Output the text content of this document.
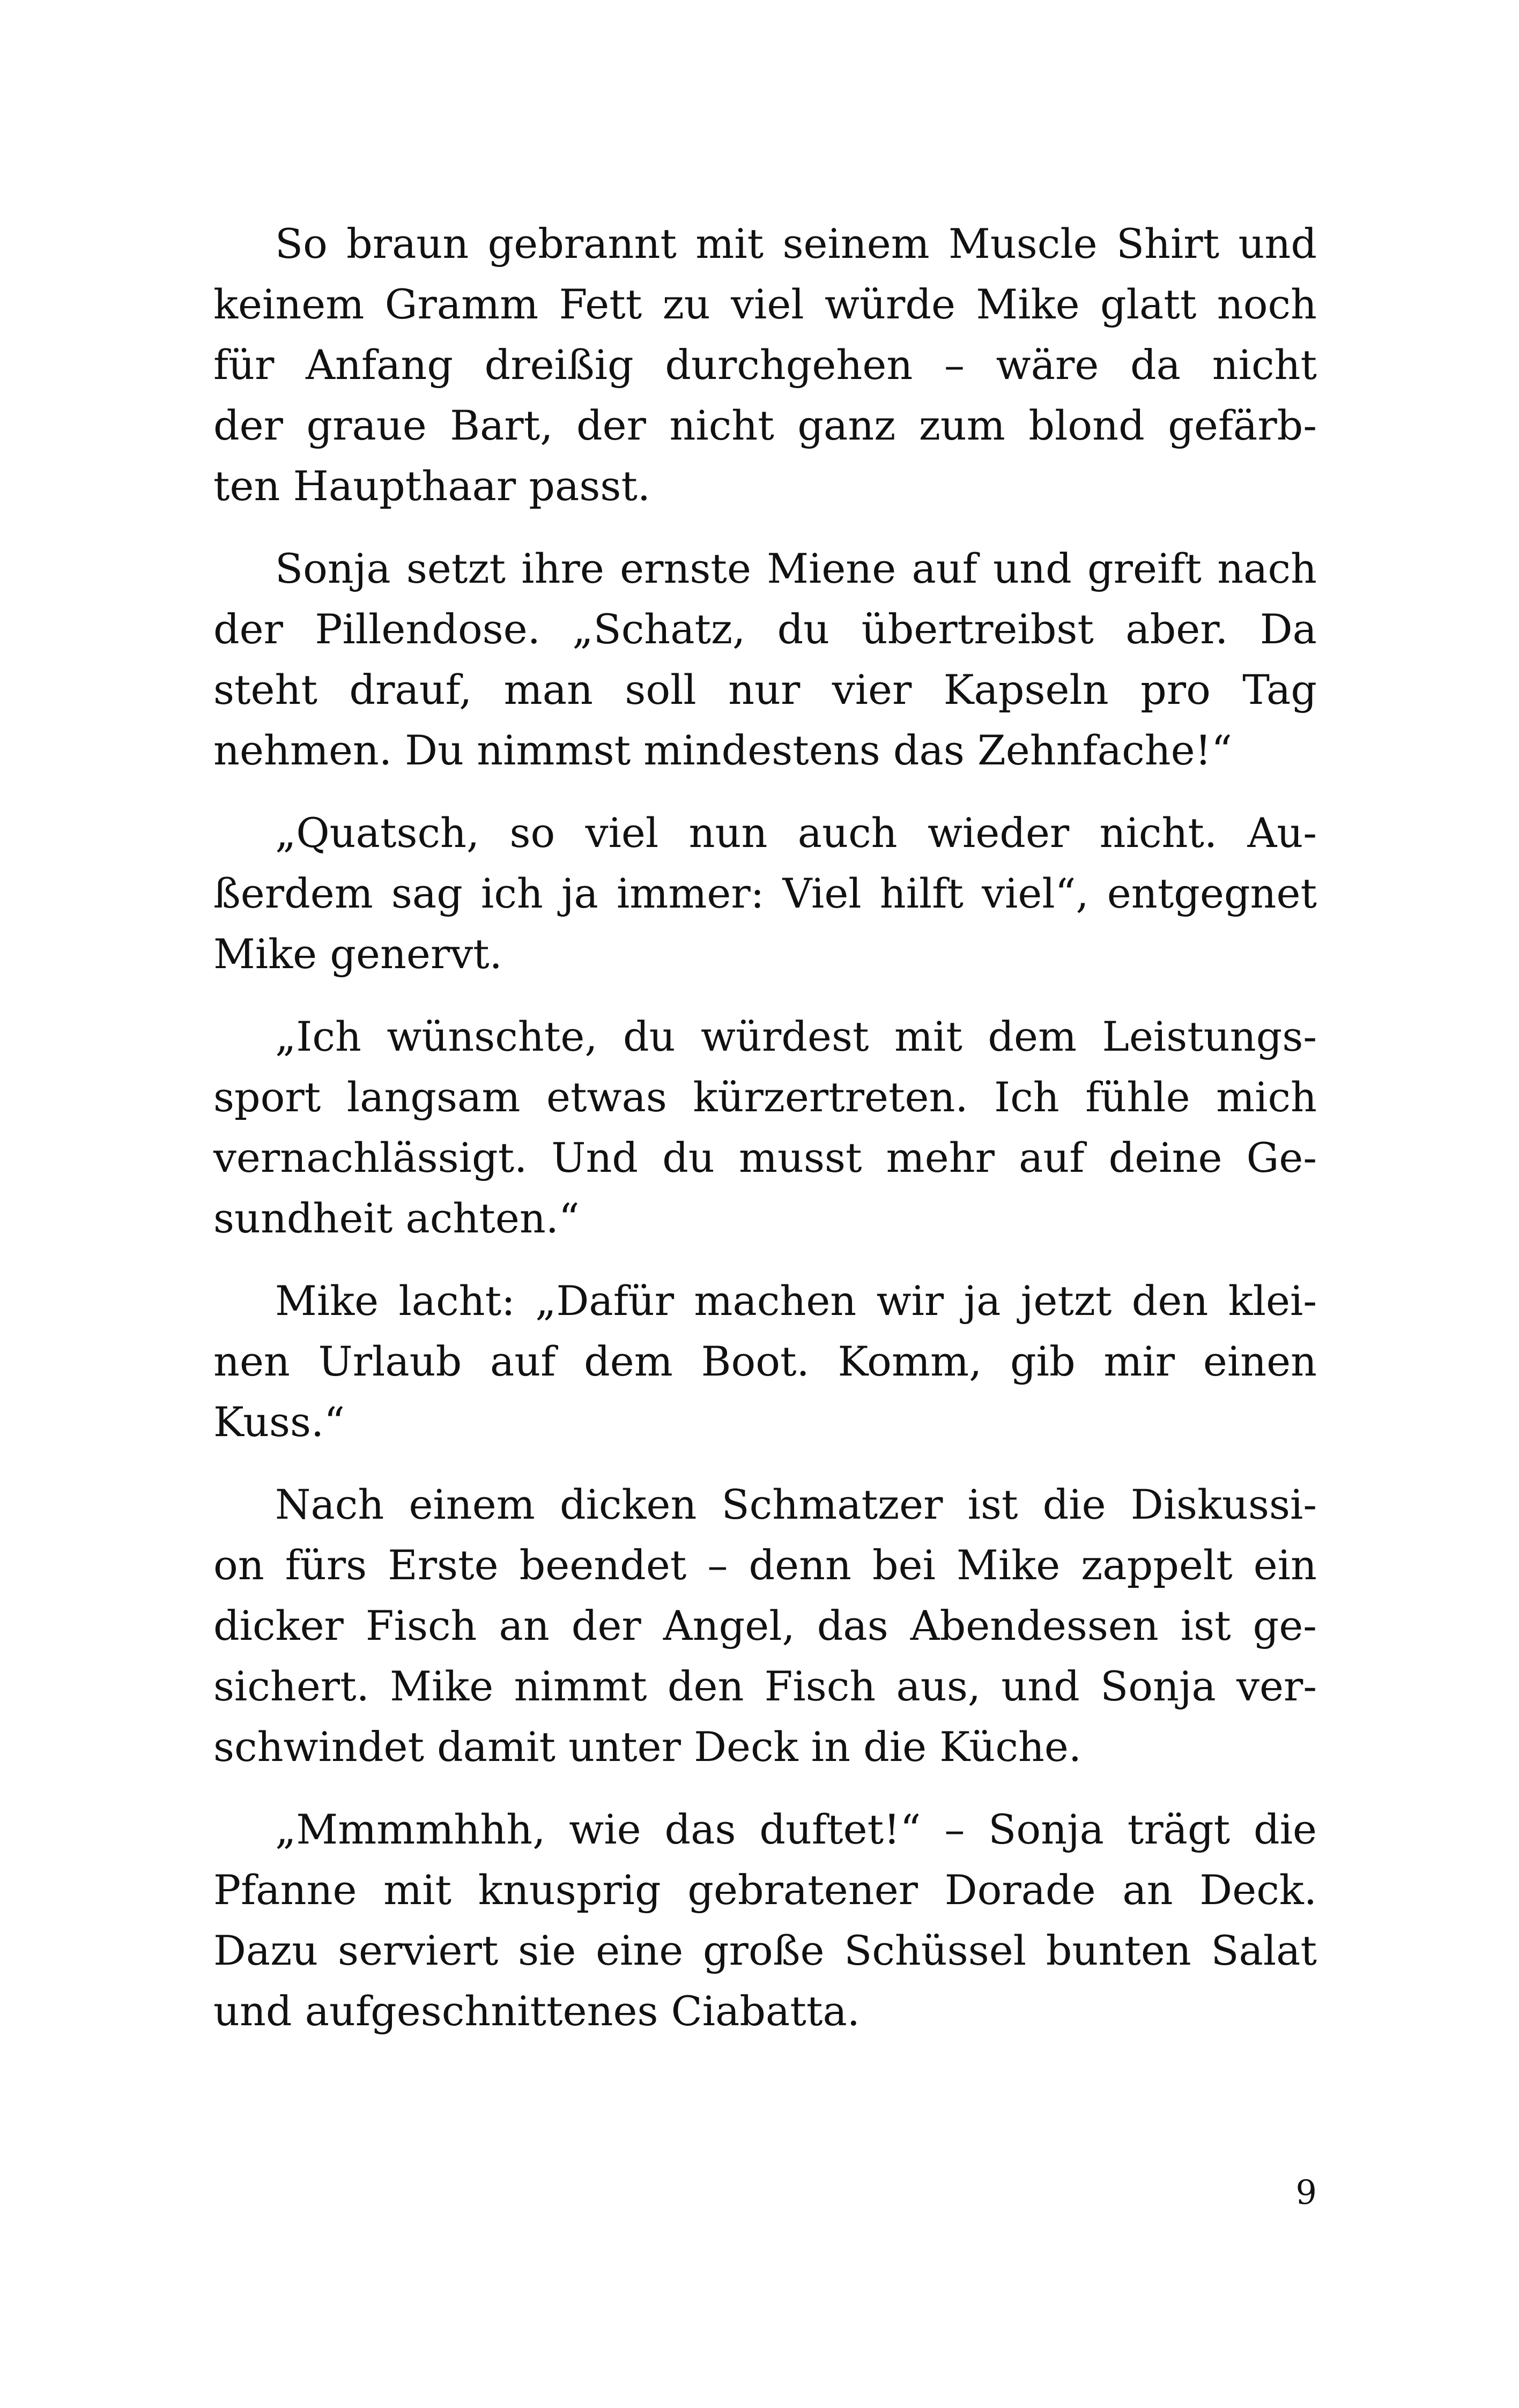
So braun gebrannt mit seinem Muscle Shirt und
keinem Gramm Fett zu viel würde Mike glatt noch
für Anfang dreißig durchgehen – wäre da nicht
der graue Bart, der nicht ganz zum blond gefärb-
ten Haupthaar passt.

Sonja setzt ihre ernste Miene auf und greift nach
der Pillendose. „Schatz, du übertreibst aber. Da
steht drauf, man soll nur vier Kapseln pro Tag
nehmen. Du nimmst mindestens das Zehnfache!“

„Quatsch, so viel nun auch wieder nicht. Au-
ßerdem sag ich ja immer: Viel hilft viel“, entgegnet
Mike genervt.

„Ich wünschte, du würdest mit dem Leistungs-
sport langsam etwas kürzertreten. Ich fühle mich
vernachlässigt. Und du musst mehr auf deine Ge-
sundheit achten.“

Mike lacht: „Dafür machen wir ja jetzt den klei-
nen Urlaub auf dem Boot. Komm, gib mir einen
Kuss.“

Nach einem dicken Schmatzer ist die Diskussi-
on fürs Erste beendet – denn bei Mike zappelt ein
dicker Fisch an der Angel, das Abendessen ist ge-
sichert. Mike nimmt den Fisch aus, und Sonja ver-
schwindet damit unter Deck in die Küche.

„Mmmmhhh, wie das duftet!“ – Sonja trägt die
Pfanne mit knusprig gebratener Dorade an Deck.
Dazu serviert sie eine große Schüssel bunten Salat
und aufgeschnittenes Ciabatta.

9
